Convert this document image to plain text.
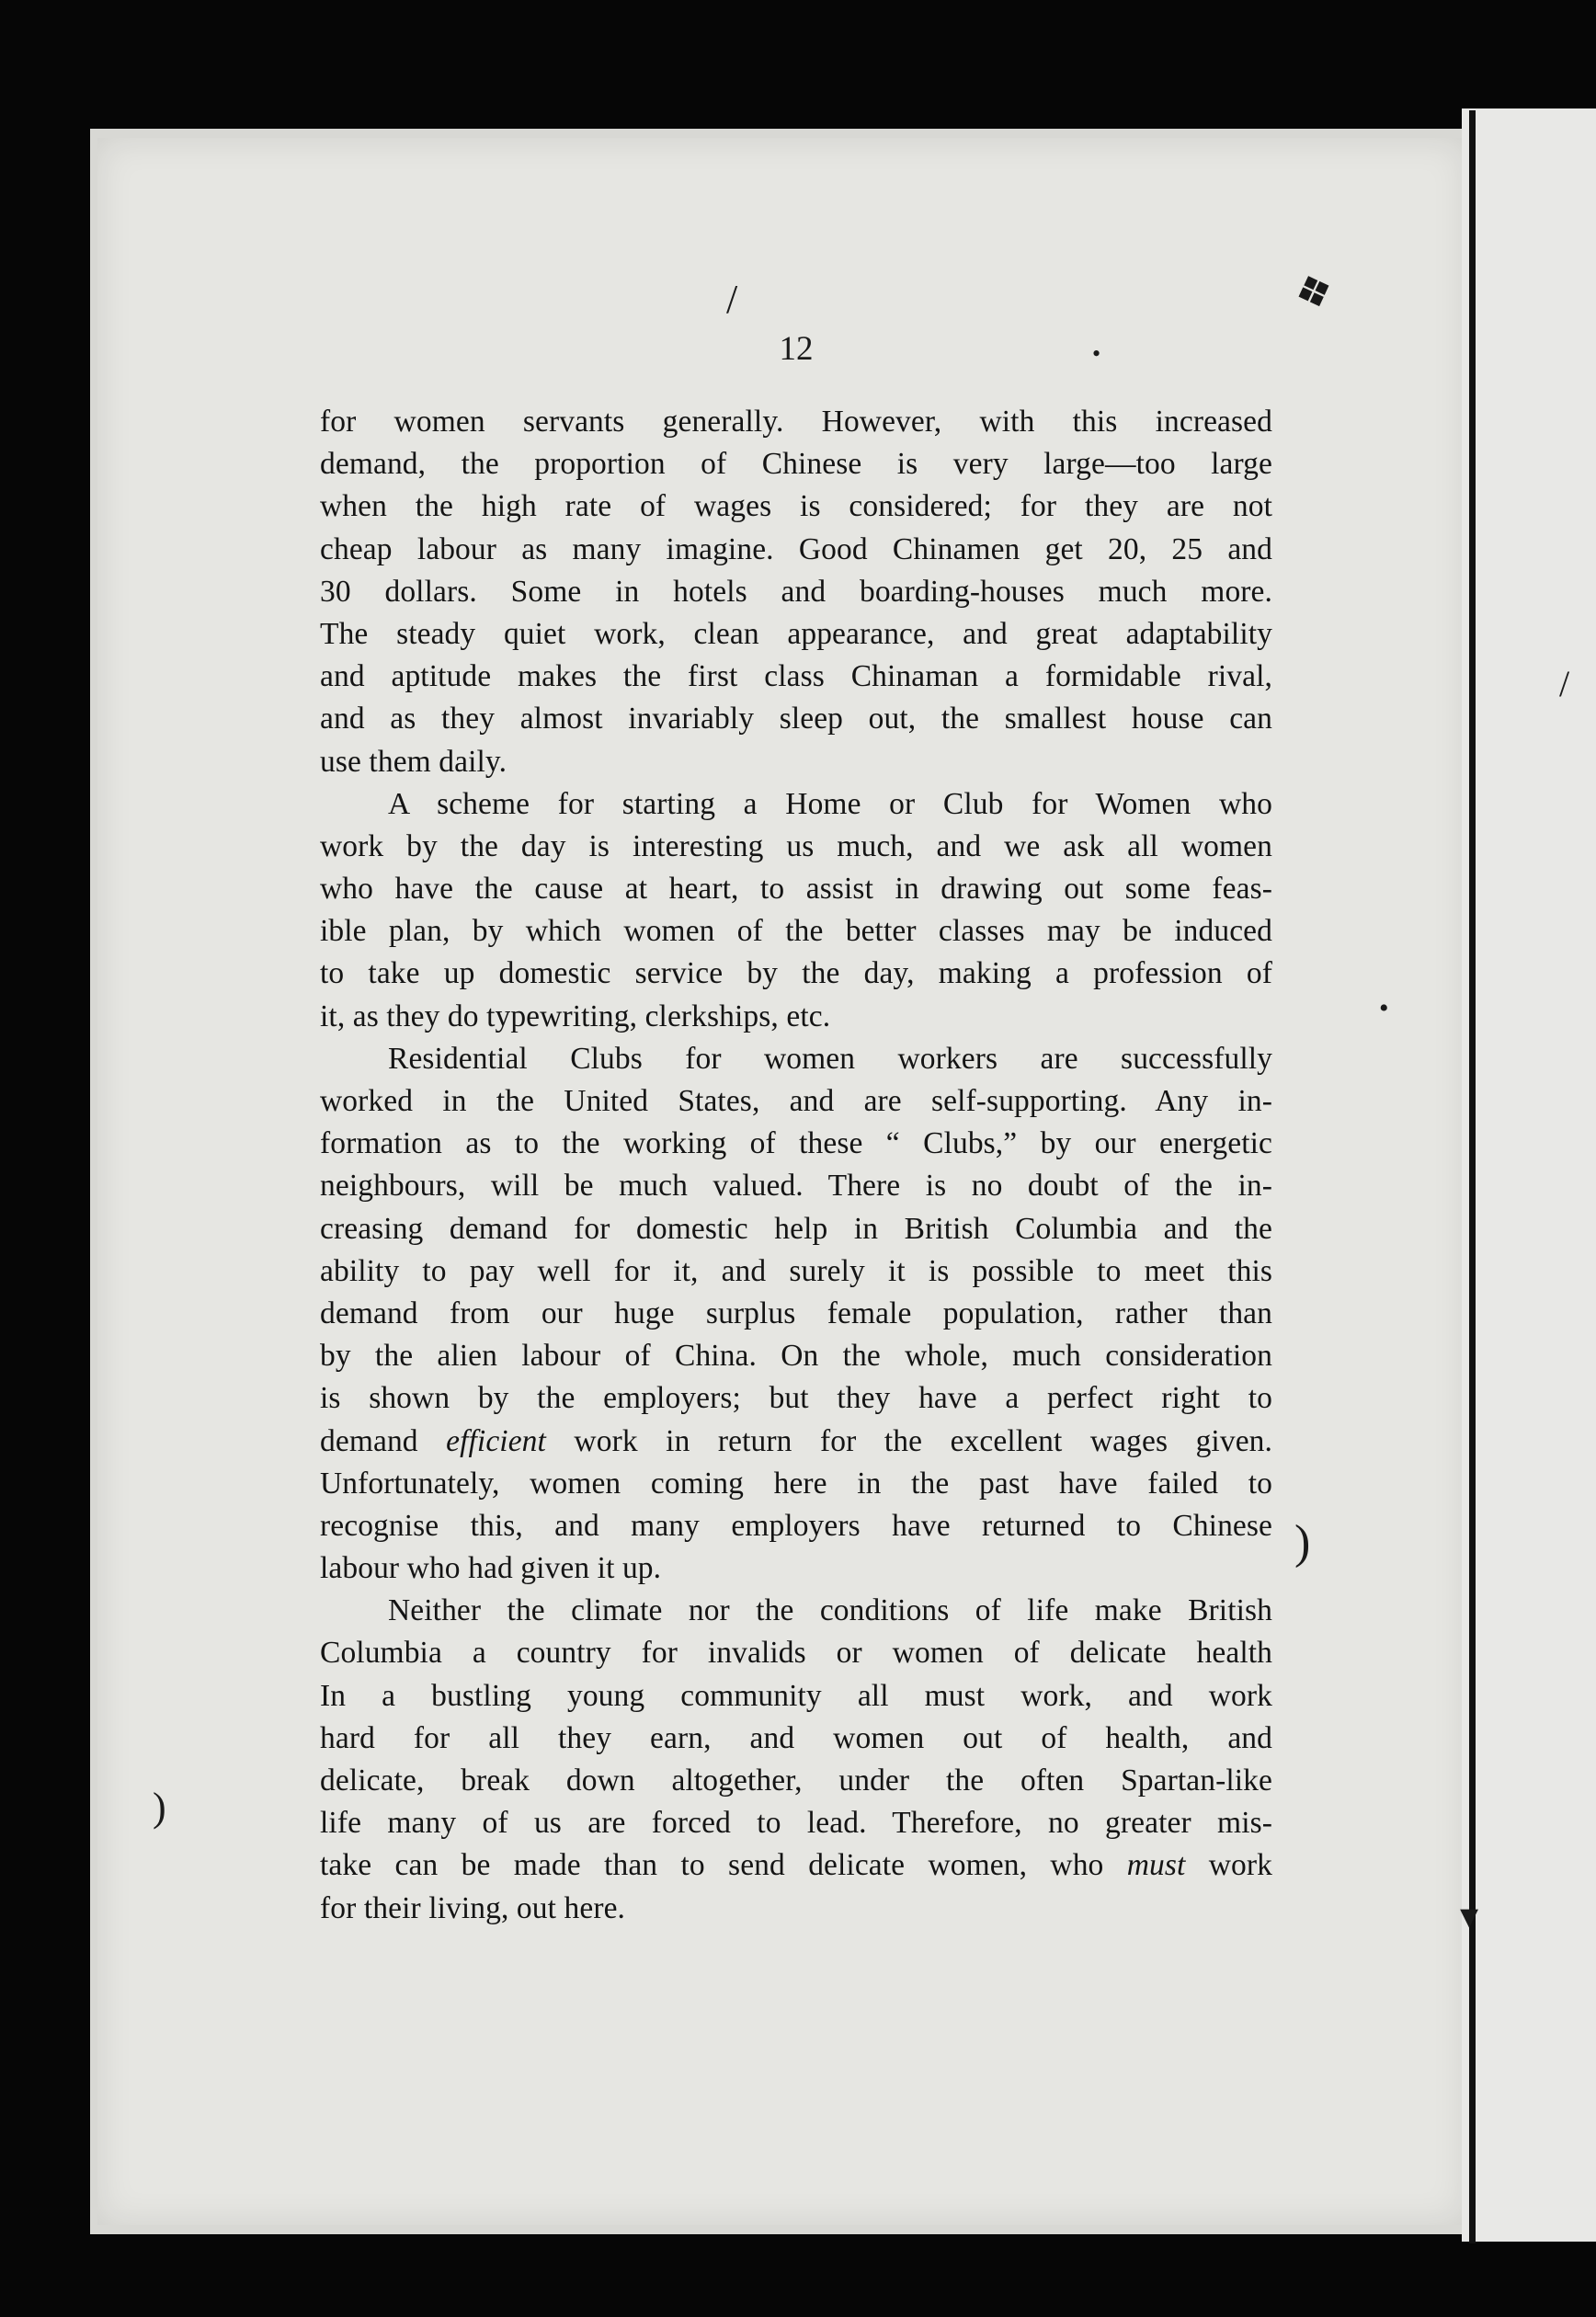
❖
/
•
/
•
)
▾
)
12
for women servants generally. However, with this increased
demand, the proportion of Chinese is very large—too large
when the high rate of wages is considered; for they are not
cheap labour as many imagine. Good Chinamen get 20, 25 and
30 dollars. Some in hotels and boarding-houses much more.
The steady quiet work, clean appearance, and great adaptability
and aptitude makes the first class Chinaman a formidable rival,
and as they almost invariably sleep out, the smallest house can
use them daily.
A scheme for starting a Home or Club for Women who
work by the day is interesting us much, and we ask all women
who have the cause at heart, to assist in drawing out some feas-
ible plan, by which women of the better classes may be induced
to take up domestic service by the day, making a profession of
it, as they do typewriting, clerkships, etc.
Residential Clubs for women workers are successfully
worked in the United States, and are self-supporting. Any in-
formation as to the working of these “ Clubs,” by our energetic
neighbours, will be much valued. There is no doubt of the in-
creasing demand for domestic help in British Columbia and the
ability to pay well for it, and surely it is possible to meet this
demand from our huge surplus female population, rather than
by the alien labour of China. On the whole, much consideration
is shown by the employers; but they have a perfect right to
demand efficient work in return for the excellent wages given.
Unfortunately, women coming here in the past have failed to
recognise this, and many employers have returned to Chinese
labour who had given it up.
Neither the climate nor the conditions of life make British
Columbia a country for invalids or women of delicate health
In a bustling young community all must work, and work
hard for all they earn, and women out of health, and
delicate, break down altogether, under the often Spartan-like
life many of us are forced to lead. Therefore, no greater mis-
take can be made than to send delicate women, who must work
for their living, out here.
